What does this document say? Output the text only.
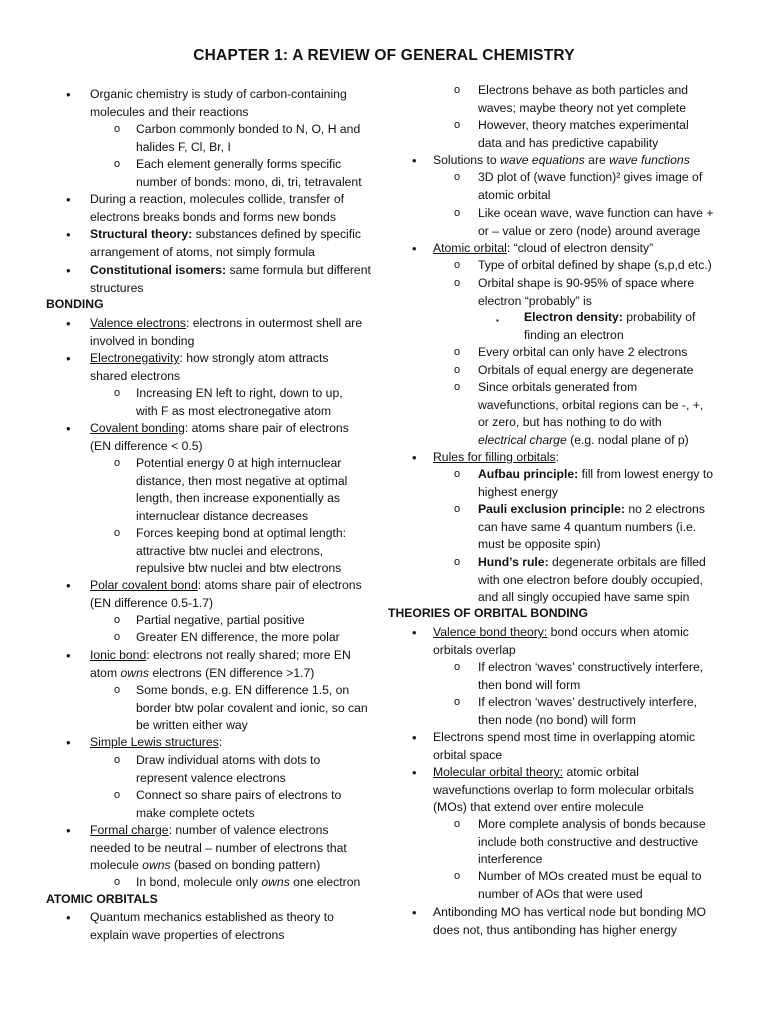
CHAPTER 1: A REVIEW OF GENERAL CHEMISTRY
• Organic chemistry is study of carbon-containing
molecules and their reactions
o Carbon commonly bonded to N, O, H and
halides F, Cl, Br, I
o Each element generally forms specific
number of bonds: mono, di, tri, tetravalent
• During a reaction, molecules collide, transfer of
electrons breaks bonds and forms new bonds
• Structural theory: substances defined by specific
arrangement of atoms, not simply formula
• Constitutional isomers: same formula but different
structures
BONDING
• Valence electrons: electrons in outermost shell are
involved in bonding
• Electronegativity: how strongly atom attracts
shared electrons
o Increasing EN left to right, down to up,
with F as most electronegative atom
• Covalent bonding: atoms share pair of electrons
(EN difference < 0.5)
o Potential energy 0 at high internuclear
distance, then most negative at optimal
length, then increase exponentially as
internuclear distance decreases
o Forces keeping bond at optimal length:
attractive btw nuclei and electrons,
repulsive btw nuclei and btw electrons
• Polar covalent bond: atoms share pair of electrons
(EN difference 0.5-1.7)
o Partial negative, partial positive
o Greater EN difference, the more polar
• Ionic bond: electrons not really shared; more EN
atom owns electrons (EN difference >1.7)
o Some bonds, e.g. EN difference 1.5, on
border btw polar covalent and ionic, so can
be written either way
• Simple Lewis structures:
o Draw individual atoms with dots to
represent valence electrons
o Connect so share pairs of electrons to
make complete octets
• Formal charge: number of valence electrons
needed to be neutral – number of electrons that
molecule owns (based on bonding pattern)
o In bond, molecule only owns one electron
ATOMIC ORBITALS
• Quantum mechanics established as theory to
explain wave properties of electrons
o Electrons behave as both particles and
waves; maybe theory not yet complete
o However, theory matches experimental
data and has predictive capability
• Solutions to wave equations are wave functions
o 3D plot of (wave function)² gives image of
atomic orbital
o Like ocean wave, wave function can have +
or – value or zero (node) around average
• Atomic orbital: “cloud of electron density”
o Type of orbital defined by shape (s,p,d etc.)
o Orbital shape is 90-95% of space where
electron “probably” is
▪ Electron density: probability of
finding an electron
o Every orbital can only have 2 electrons
o Orbitals of equal energy are degenerate
o Since orbitals generated from
wavefunctions, orbital regions can be -, +,
or zero, but has nothing to do with
electrical charge (e.g. nodal plane of p)
• Rules for filling orbitals:
o Aufbau principle: fill from lowest energy to
highest energy
o Pauli exclusion principle: no 2 electrons
can have same 4 quantum numbers (i.e.
must be opposite spin)
o Hund’s rule: degenerate orbitals are filled
with one electron before doubly occupied,
and all singly occupied have same spin
THEORIES OF ORBITAL BONDING
• Valence bond theory: bond occurs when atomic
orbitals overlap
o If electron ‘waves’ constructively interfere,
then bond will form
o If electron ‘waves’ destructively interfere,
then node (no bond) will form
• Electrons spend most time in overlapping atomic
orbital space
• Molecular orbital theory: atomic orbital
wavefunctions overlap to form molecular orbitals
(MOs) that extend over entire molecule
o More complete analysis of bonds because
include both constructive and destructive
interference
o Number of MOs created must be equal to
number of AOs that were used
• Antibonding MO has vertical node but bonding MO
does not, thus antibonding has higher energy
